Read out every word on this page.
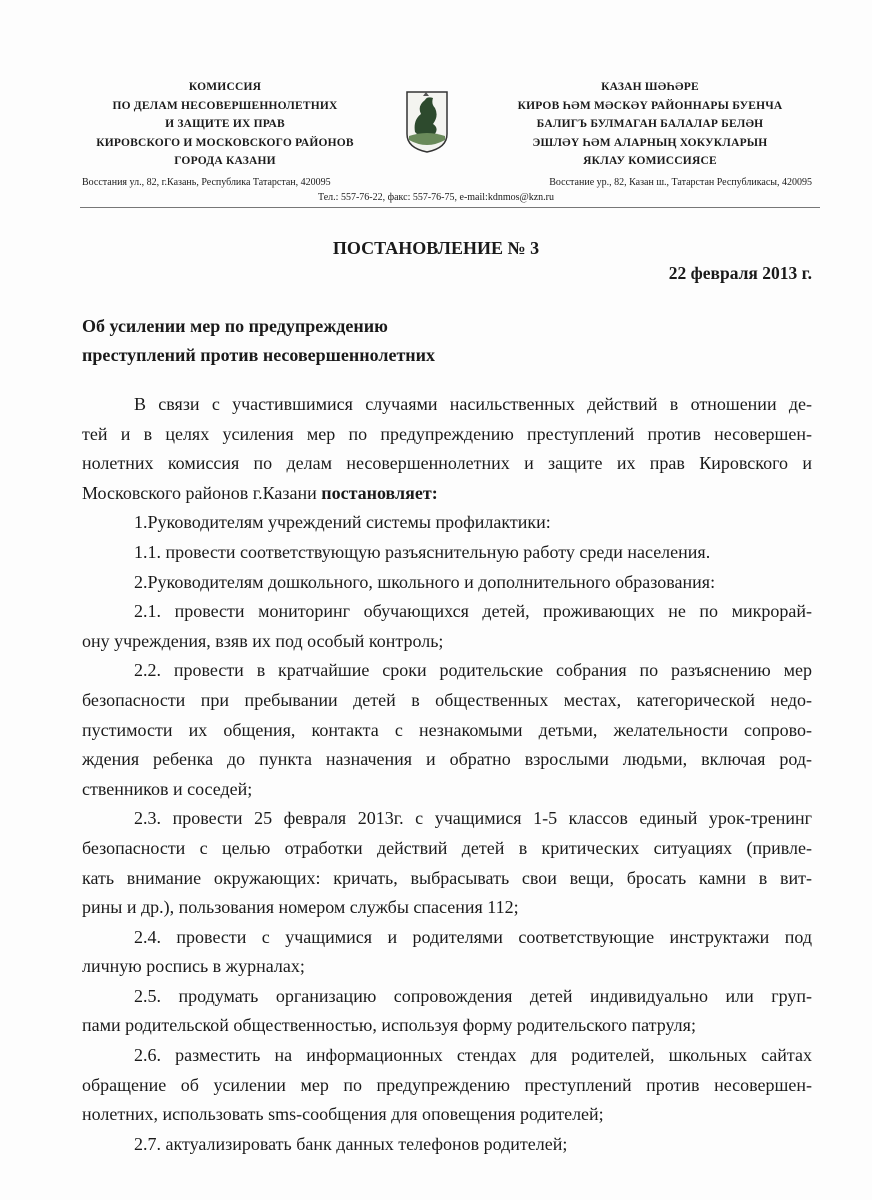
КОМИССИЯ
ПО ДЕЛАМ НЕСОВЕРШЕННОЛЕТНИХ
И ЗАЩИТЕ ИХ ПРАВ
КИРОВСКОГО И МОСКОВСКОГО РАЙОНОВ
ГОРОДА КАЗАНИ
КАЗАН ШӘҺӘРЕ
КИРОВ ҺӘМ МӘСКӘҮ РАЙОННАРЫ БУЕНЧА
БАЛИГЪ БУЛМАГАН БАЛАЛАР БЕЛӘН
ЭШЛӘҮ ҺӘМ АЛАРНЫҢ ХОКУКЛАРЫН
ЯКЛАУ КОМИССИЯСЕ
Восстания ул., 82, г.Казань, Республика Татарстан, 420095	Восстание ур., 82, Казан ш., Татарстан Республикасы, 420095
Тел.: 557-76-22, факс: 557-76-75, e-mail:kdnmos@kzn.ru
ПОСТАНОВЛЕНИЕ № 3
22 февраля 2013 г.
Об усилении мер по предупреждению
преступлений против несовершеннолетних
В связи с участившимися случаями насильственных действий в отношении де-
тей и в целях усиления мер по предупреждению преступлений против несовершен-
нолетних комиссия по делам несовершеннолетних и защите их прав Кировского и
Московского районов г.Казани постановляет:
1.Руководителям учреждений системы профилактики:
1.1. провести соответствующую разъяснительную работу среди населения.
2.Руководителям дошкольного, школьного и дополнительного образования:
2.1. провести мониторинг обучающихся детей, проживающих не по микрорай-
ону учреждения, взяв их под особый контроль;
2.2. провести в кратчайшие сроки родительские собрания по разъяснению мер
безопасности при пребывании детей в общественных местах, категорической недо-
пустимости их общения, контакта с незнакомыми детьми, желательности сопрово-
ждения ребенка до пункта назначения и обратно взрослыми людьми, включая род-
ственников и соседей;
2.3. провести 25 февраля 2013г. с учащимися 1-5 классов единый урок-тренинг
безопасности с целью отработки действий детей в критических ситуациях (привле-
кать внимание окружающих: кричать, выбрасывать свои вещи, бросать камни в вит-
рины и др.), пользования номером службы спасения 112;
2.4. провести с учащимися и родителями соответствующие инструктажи под
личную роспись в журналах;
2.5. продумать организацию сопровождения детей индивидуально или груп-
пами родительской общественностью, используя форму родительского патруля;
2.6. разместить на информационных стендах для родителей, школьных сайтах
обращение об усилении мер по предупреждению преступлений против несовершен-
нолетних, использовать sms-сообщения для оповещения родителей;
2.7. актуализировать банк данных телефонов родителей;
